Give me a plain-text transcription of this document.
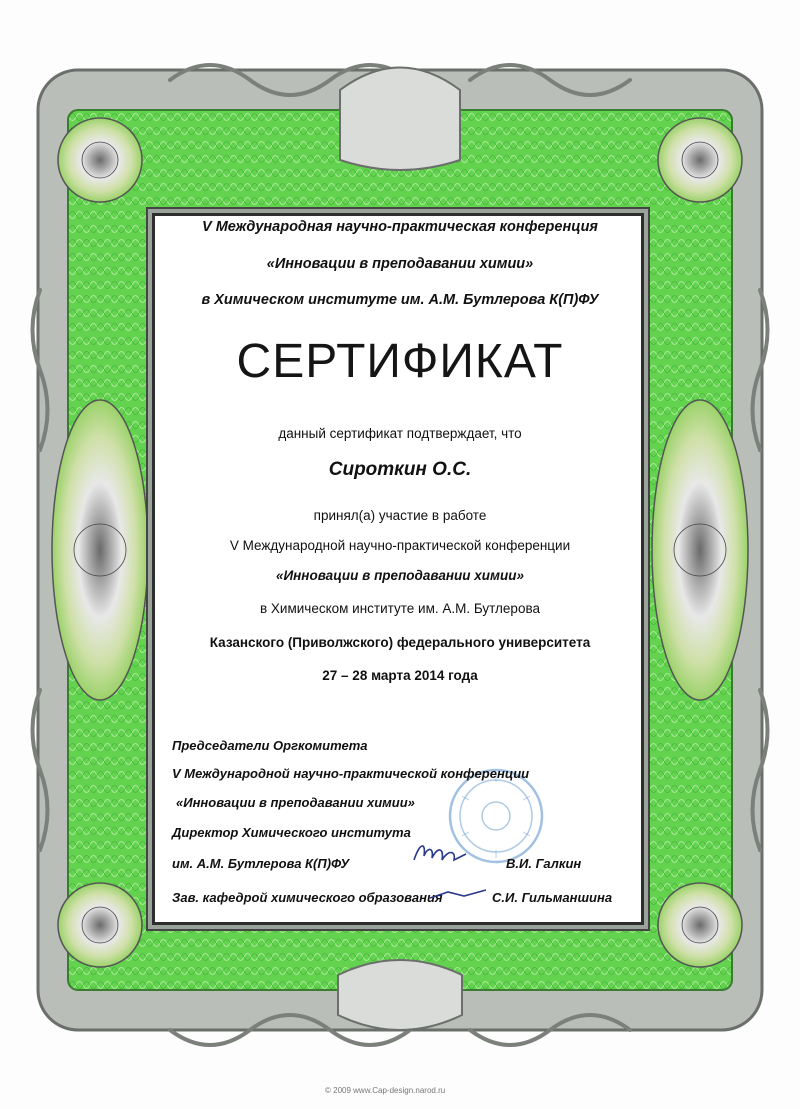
V Международная научно-практическая конференция
«Инновации в преподавании химии»
в Химическом институте им. А.М. Бутлерова К(П)ФУ
СЕРТИФИКАТ
данный сертификат подтверждает, что
Сироткин О.С.
принял(а) участие в работе
V Международной научно-практической конференции
«Инновации в преподавании химии»
в Химическом институте им. А.М. Бутлерова
Казанского (Приволжского) федерального университета
27 – 28 марта 2014 года
Председатели Оргкомитета
V Международной научно-практической конференции
«Инновации в преподавании химии»
Директор Химического института
им. А.М. Бутлерова К(П)ФУ	В.И. Галкин
Зав. кафедрой химического образования	С.И. Гильманшина
© 2009 www.Cap-design.narod.ru
